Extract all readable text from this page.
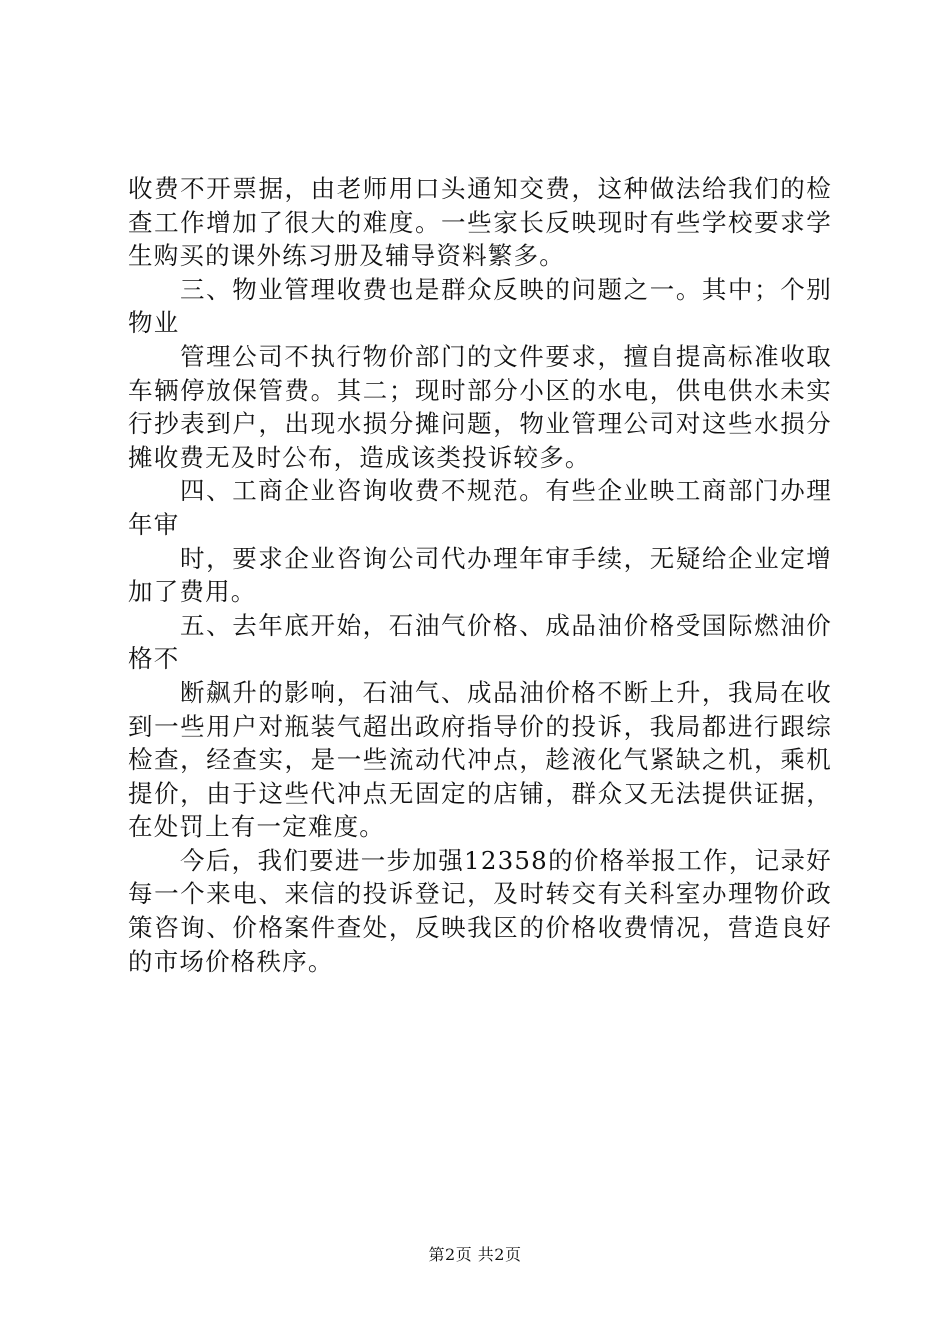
收费不开票据，由老师用口头通知交费，这种做法给我们的检
查工作增加了很大的难度。一些家长反映现时有些学校要求学
生购买的课外练习册及辅导资料繁多。
三、物业管理收费也是群众反映的问题之一。其中；个别
物业
管理公司不执行物价部门的文件要求，擅自提高标准收取
车辆停放保管费。其二；现时部分小区的水电，供电供水未实
行抄表到户，出现水损分摊问题，物业管理公司对这些水损分
摊收费无及时公布，造成该类投诉较多。
四、工商企业咨询收费不规范。有些企业映工商部门办理
年审
时，要求企业咨询公司代办理年审手续，无疑给企业定增
加了费用。
五、去年底开始，石油气价格、成品油价格受国际燃油价
格不
断飙升的影响，石油气、成品油价格不断上升，我局在收
到一些用户对瓶装气超出政府指导价的投诉，我局都进行跟综
检查，经查实，是一些流动代冲点，趁液化气紧缺之机，乘机
提价，由于这些代冲点无固定的店铺，群众又无法提供证据，
在处罚上有一定难度。
今后，我们要进一步加强12358的价格举报工作，记录好
每一个来电、来信的投诉登记，及时转交有关科室办理物价政
策咨询、价格案件查处，反映我区的价格收费情况，营造良好
的市场价格秩序。
第2页 共2页
